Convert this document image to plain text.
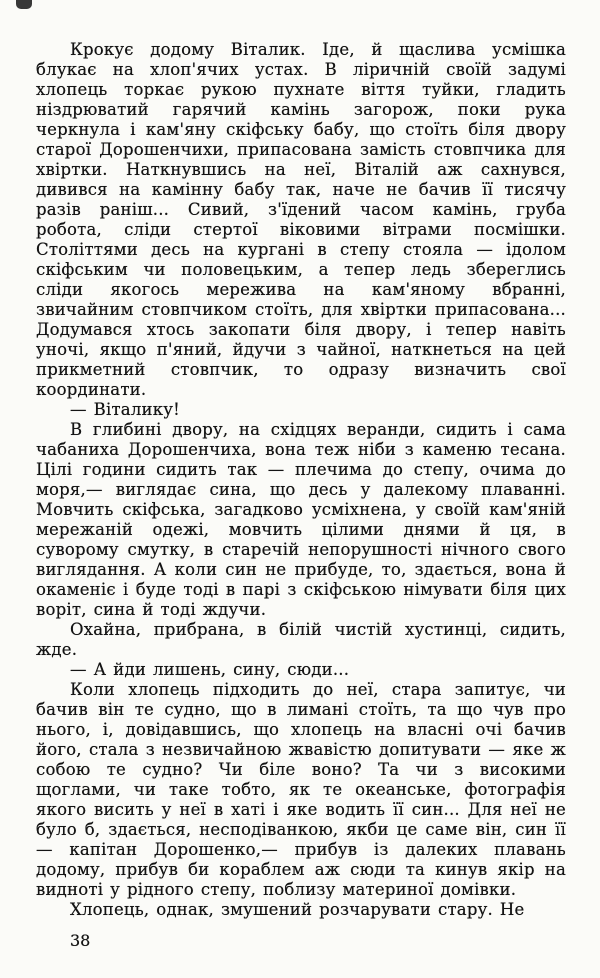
Крокує додому Віталик. Іде, й щаслива усмішка блукає на хлоп'ячих устах. В ліричній своїй задумі хлопець торкає рукою пухнате віття туйки, гладить ніздрюватий гарячий камінь загорож, поки рука черкнула і кам'яну скіфську бабу, що стоїть біля двору старої Дорошенчихи, припасована замість стовпчика для хвіртки. Наткнувшись на неї, Віталій аж сахнувся, дивився на камінну бабу так, наче не бачив її тисячу разів раніш... Сивий, з'їдений часом камінь, груба робота, сліди стертої віковими вітрами посмішки. Століттями десь на кургані в степу стояла — ідолом скіфським чи половецьким, а тепер ледь збереглись сліди якогось мережива на кам'яному вбранні, звичайним стовпчиком стоїть, для хвіртки припасована... Додумався хтось закопати біля двору, і тепер навіть уночі, якщо п'яний, йдучи з чайної, наткнеться на цей прикметний стовпчик, то одразу визначить свої координати.

— Віталику!

В глибині двору, на східцях веранди, сидить і сама чабаниха Дорошенчиха, вона теж ніби з каменю тесана. Цілі години сидить так — плечима до степу, очима до моря,— виглядає сина, що десь у далекому плаванні. Мовчить скіфська, загадково усміхнена, у своїй кам'яній мережаній одежі, мовчить цілими днями й ця, в суворому смутку, в старечій непорушності нічного свого виглядання. А коли син не прибуде, то, здається, вона й окаменіє і буде тоді в парі з скіфською німувати біля цих воріт, сина й тоді ждучи.

Охайна, прибрана, в білій чистій хустинці, сидить, жде.

— А йди лишень, сину, сюди...

Коли хлопець підходить до неї, стара запитує, чи бачив він те судно, що в лимані стоїть, та що чув про нього, і, довідавшись, що хлопець на власні очі бачив його, стала з незвичайною жвавістю допитувати — яке ж собою те судно? Чи біле воно? Та чи з високими щоглами, чи таке тобто, як те океанське, фотографія якого висить у неї в хаті і яке водить її син... Для неї не було б, здається, несподіванкою, якби це саме він, син її — капітан Дорошенко,— прибув із далеких плавань додому, прибув би кораблем аж сюди та кинув якір на видноті у рідного степу, поблизу материної домівки.

Хлопець, однак, змушений розчарувати стару. Не

38
